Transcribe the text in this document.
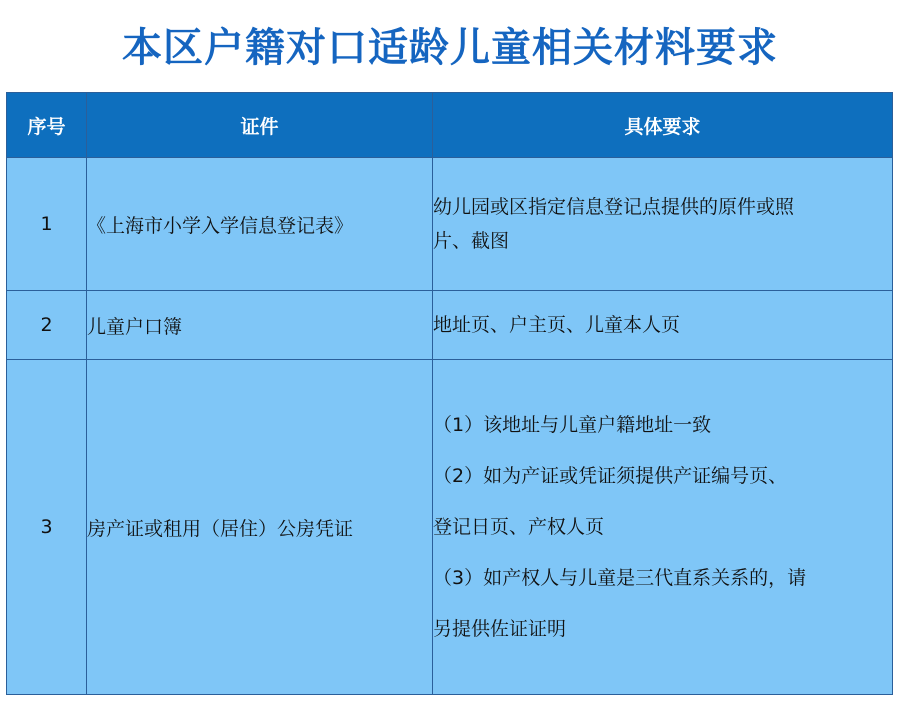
本区户籍对口适龄儿童相关材料要求
序号	证件	具体要求
1	《上海市小学入学信息登记表》	幼儿园或区指定信息登记点提供的原件或照
片、截图

2	儿童户口簿	地址页、户主页、儿童本人页

3	房产证或租用（居住）公房凭证	（1）该地址与儿童户籍地址一致
（2）如为产证或凭证须提供产证编号页、
登记日页、产权人页
（3）如产权人与儿童是三代直系关系的，请
另提供佐证证明
